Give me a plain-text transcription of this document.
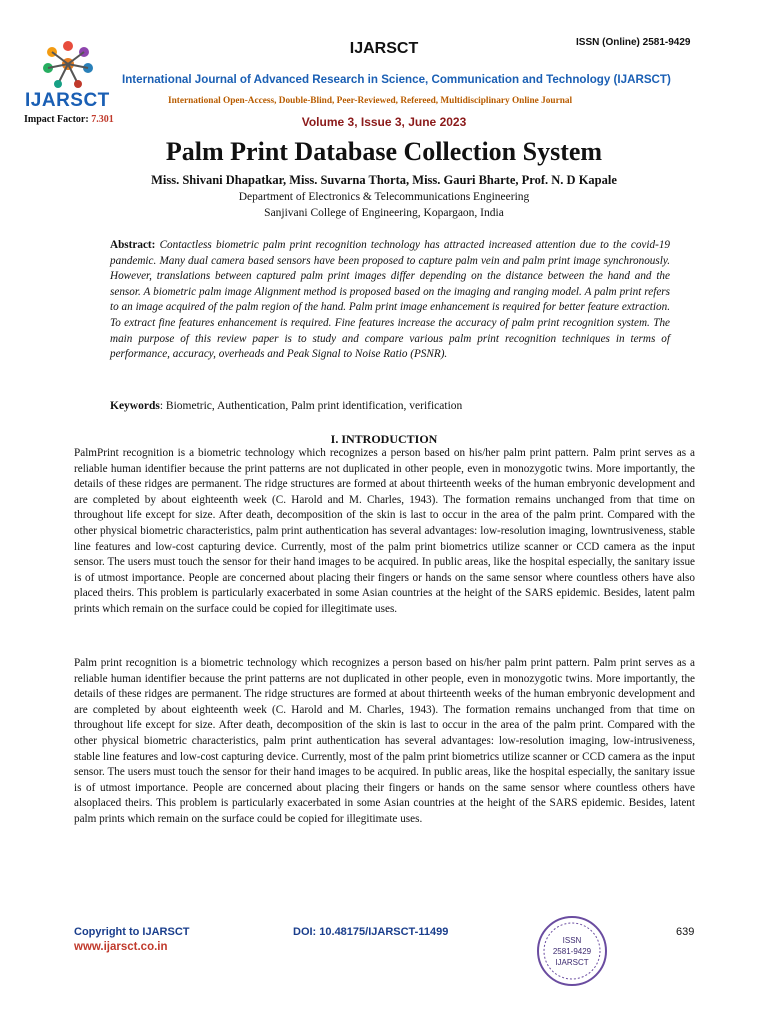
IJARSCT
Impact Factor: 7.301
IJARSCT	ISSN (Online) 2581-9429
International Journal of Advanced Research in Science, Communication and Technology (IJARSCT)
International Open-Access, Double-Blind, Peer-Reviewed, Refereed, Multidisciplinary Online Journal
Volume 3, Issue 3, June 2023
Palm Print Database Collection System
Miss. Shivani Dhapatkar, Miss. Suvarna Thorta, Miss. Gauri Bharte, Prof. N. D Kapale
Department of Electronics & Telecommunications Engineering
Sanjivani College of Engineering, Kopargaon, India
Abstract: Contactless biometric palm print recognition technology has attracted increased attention due to the covid-19 pandemic. Many dual camera based sensors have been proposed to capture palm vein and palm print image synchronously. However, translations between captured palm print images differ depending on the distance between the hand and the sensor. A biometric palm image Alignment method is proposed based on the imaging and ranging model. A palm print refers to an image acquired of the palm region of the hand. Palm print image enhancement is required for better feature extraction. To extract fine features enhancement is required. Fine features increase the accuracy of palm print recognition system. The main purpose of this review paper is to study and compare various palm print recognition techniques in terms of performance, accuracy, overheads and Peak Signal to Noise Ratio (PSNR).
Keywords: Biometric, Authentication, Palm print identification, verification
I. INTRODUCTION
PalmPrint recognition is a biometric technology which recognizes a person based on his/her palm print pattern. Palm print serves as a reliable human identifier because the print patterns are not duplicated in other people, even in monozygotic twins. More importantly, the details of these ridges are permanent. The ridge structures are formed at about thirteenth weeks of the human embryonic development and are completed by about eighteenth week (C. Harold and M. Charles, 1943). The formation remains unchanged from that time on throughout life except for size. After death, decomposition of the skin is last to occur in the area of the palm print. Compared with the other physical biometric characteristics, palm print authentication has several advantages: low-resolution imaging, lowntrusiveness, stable line features and low-cost capturing device. Currently, most of the palm print biometrics utilize scanner or CCD camera as the input sensor. The users must touch the sensor for their hand images to be acquired. In public areas, like the hospital especially, the sanitary issue is of utmost importance. People are concerned about placing their fingers or hands on the same sensor where countless others have also placed theirs. This problem is particularly exacerbated in some Asian countries at the height of the SARS epidemic. Besides, latent palm prints which remain on the surface could be copied for illegitimate uses.
Palm print recognition is a biometric technology which recognizes a person based on his/her palm print pattern. Palm print serves as a reliable human identifier because the print patterns are not duplicated in other people, even in monozygotic twins. More importantly, the details of these ridges are permanent. The ridge structures are formed at about thirteenth weeks of the human embryonic development and are completed by about eighteenth week (C. Harold and M. Charles, 1943). The formation remains unchanged from that time on throughout life except for size. After death, decomposition of the skin is last to occur in the area of the palm print. Compared with the other physical biometric characteristics, palm print authentication has several advantages: low-resolution imaging, low-intrusiveness, stable line features and low-cost capturing device. Currently, most of the palm print biometrics utilize scanner or CCD camera as the input sensor. The users must touch the sensor for their hand images to be acquired. In public areas, like the hospital especially, the sanitary issue is of utmost importance. People are concerned about placing their fingers or hands on the same sensor where countless others have alsoplaced theirs. This problem is particularly exacerbated in some Asian countries at the height of the SARS epidemic. Besides, latent palm prints which remain on the surface could be copied for illegitimate uses.
Copyright to IJARSCT
www.ijarsct.co.in
DOI: 10.48175/IJARSCT-11499
ISSN
2581-9429
IJARSCT
639
